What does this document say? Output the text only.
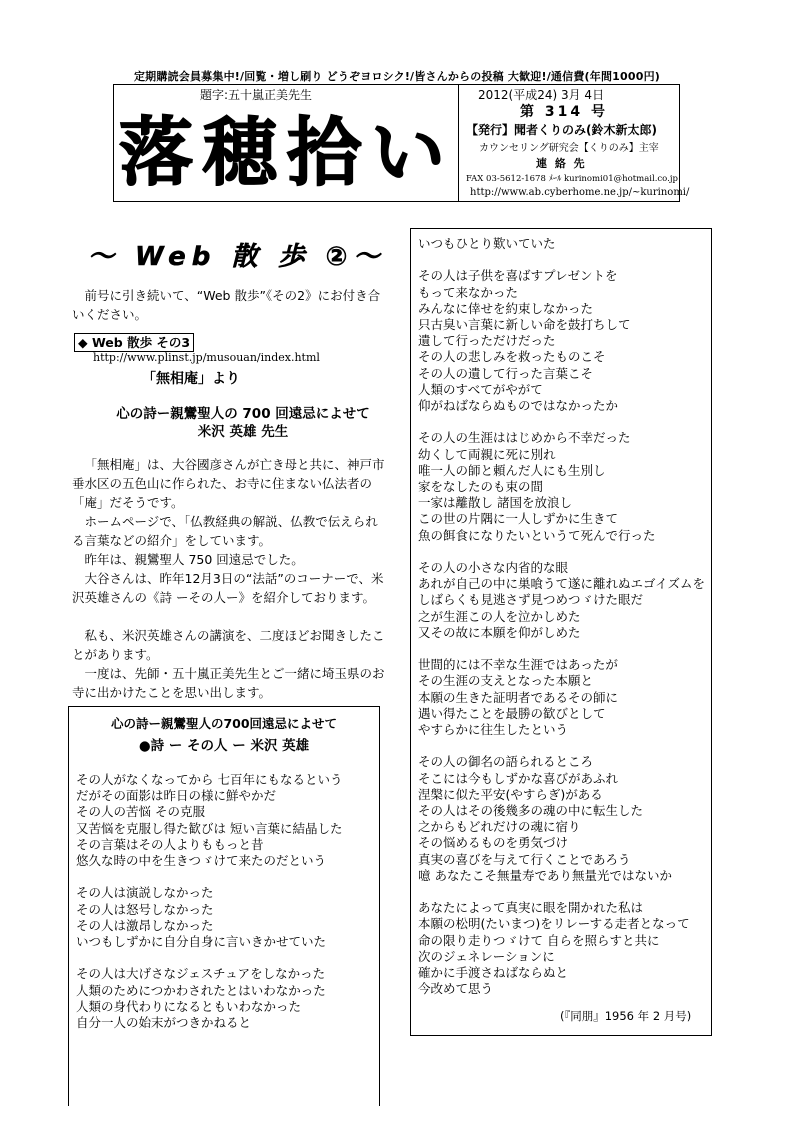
定期購読会員募集中!/回覧・増し刷り どうぞヨロシク!/皆さんからの投稿 大歓迎!/通信費(年間1000円)
題字:五十嵐正美先生
落穂拾い
2012(平成24) 3月 4日
第 314 号
【発行】聞者くりのみ(鈴木新太郎)
カウンセリング研究会【くりのみ】主宰
連 絡 先
FAX 03-5612-1678 ﾒｰﾙ kurinomi01@hotmail.co.jp
http://www.ab.cyberhome.ne.jp/~kurinomi/
～ Web 散 歩 ②～

前号に引き続いて、“Web 散歩”《その2》にお付き合いください。

◆ Web 散歩 その3
http://www.plinst.jp/musouan/index.html
「無相庵」より
心の詩ー親鸞聖人の 700 回遠忌によせて
米沢 英雄 先生

「無相庵」は、大谷國彦さんが亡き母と共に、神戸市垂水区の五色山に作られた、お寺に住まない仏法者の「庵」だそうです。

ホームページで、「仏教経典の解説、仏教で伝えられる言葉などの紹介」をしています。

昨年は、親鸞聖人 750 回遠忌でした。

大谷さんは、昨年12月3日の“法話”のコーナーで、米沢英雄さんの《詩 ーその人ー》を紹介しております。

私も、米沢英雄さんの講演を、二度ほどお聞きしたことがあります。

一度は、先師・五十嵐正美先生とご一緒に埼玉県のお寺に出かけたことを思い出します。

心の詩ー親鸞聖人の700回遠忌によせて
●詩 ー その人 ー 米沢 英雄
その人がなくなってから 七百年にもなるという
だがその面影は昨日の様に鮮やかだ
その人の苦悩 その克服
又苦悩を克服し得た歓びは 短い言葉に結晶した
その言葉はその人よりももっと昔
悠久な時の中を生きつゞけて来たのだという
その人は演説しなかった
その人は怒号しなかった
その人は激昂しなかった
いつもしずかに自分自身に言いきかせていた
その人は大げさなジェスチュアをしなかった
人類のためにつかわされたとはいわなかった
人類の身代わりになるともいわなかった
自分一人の始末がつきかねると
いつもひとり歎いていた
その人は子供を喜ばすプレゼントを
もって来なかった
みんなに倖せを約束しなかった
只古臭い言葉に新しい命を鼓打ちして
遺して行っただけだった
その人の悲しみを救ったものこそ
その人の遺して行った言葉こそ
人類のすべてがやがて
仰がねばならぬものではなかったか
その人の生涯ははじめから不幸だった
幼くして両親に死に別れ
唯一人の師と頼んだ人にも生別し
家をなしたのも束の間
一家は離散し 諸国を放浪し
この世の片隅に一人しずかに生きて
魚の餌食になりたいというて死んで行った
その人の小さな内省的な眼
あれが自己の中に巣喰うて遂に離れぬエゴイズムを
しばらくも見逃さず見つめつゞけた眼だ
之が生涯この人を泣かしめた
又その故に本願を仰がしめた
世間的には不幸な生涯ではあったが
その生涯の支えとなった本願と
本願の生きた証明者であるその師に
遇い得たことを最勝の歓びとして
やすらかに往生したという
その人の御名の語られるところ
そこには今もしずかな喜びがあふれ
涅槃に似た平安(やすらぎ)がある
その人はその後幾多の魂の中に転生した
之からもどれだけの魂に宿り
その悩めるものを勇気づけ
真実の喜びを与えて行くことであろう
噫 あなたこそ無量寿であり無量光ではないか
あなたによって真実に眼を開かれた私は
本願の松明(たいまつ)をリレーする走者となって
命の限り走りつゞけて 自らを照らすと共に
次のジェネレーションに
確かに手渡さねばならぬと
今改めて思う
(『同朋』1956 年 2 月号)
